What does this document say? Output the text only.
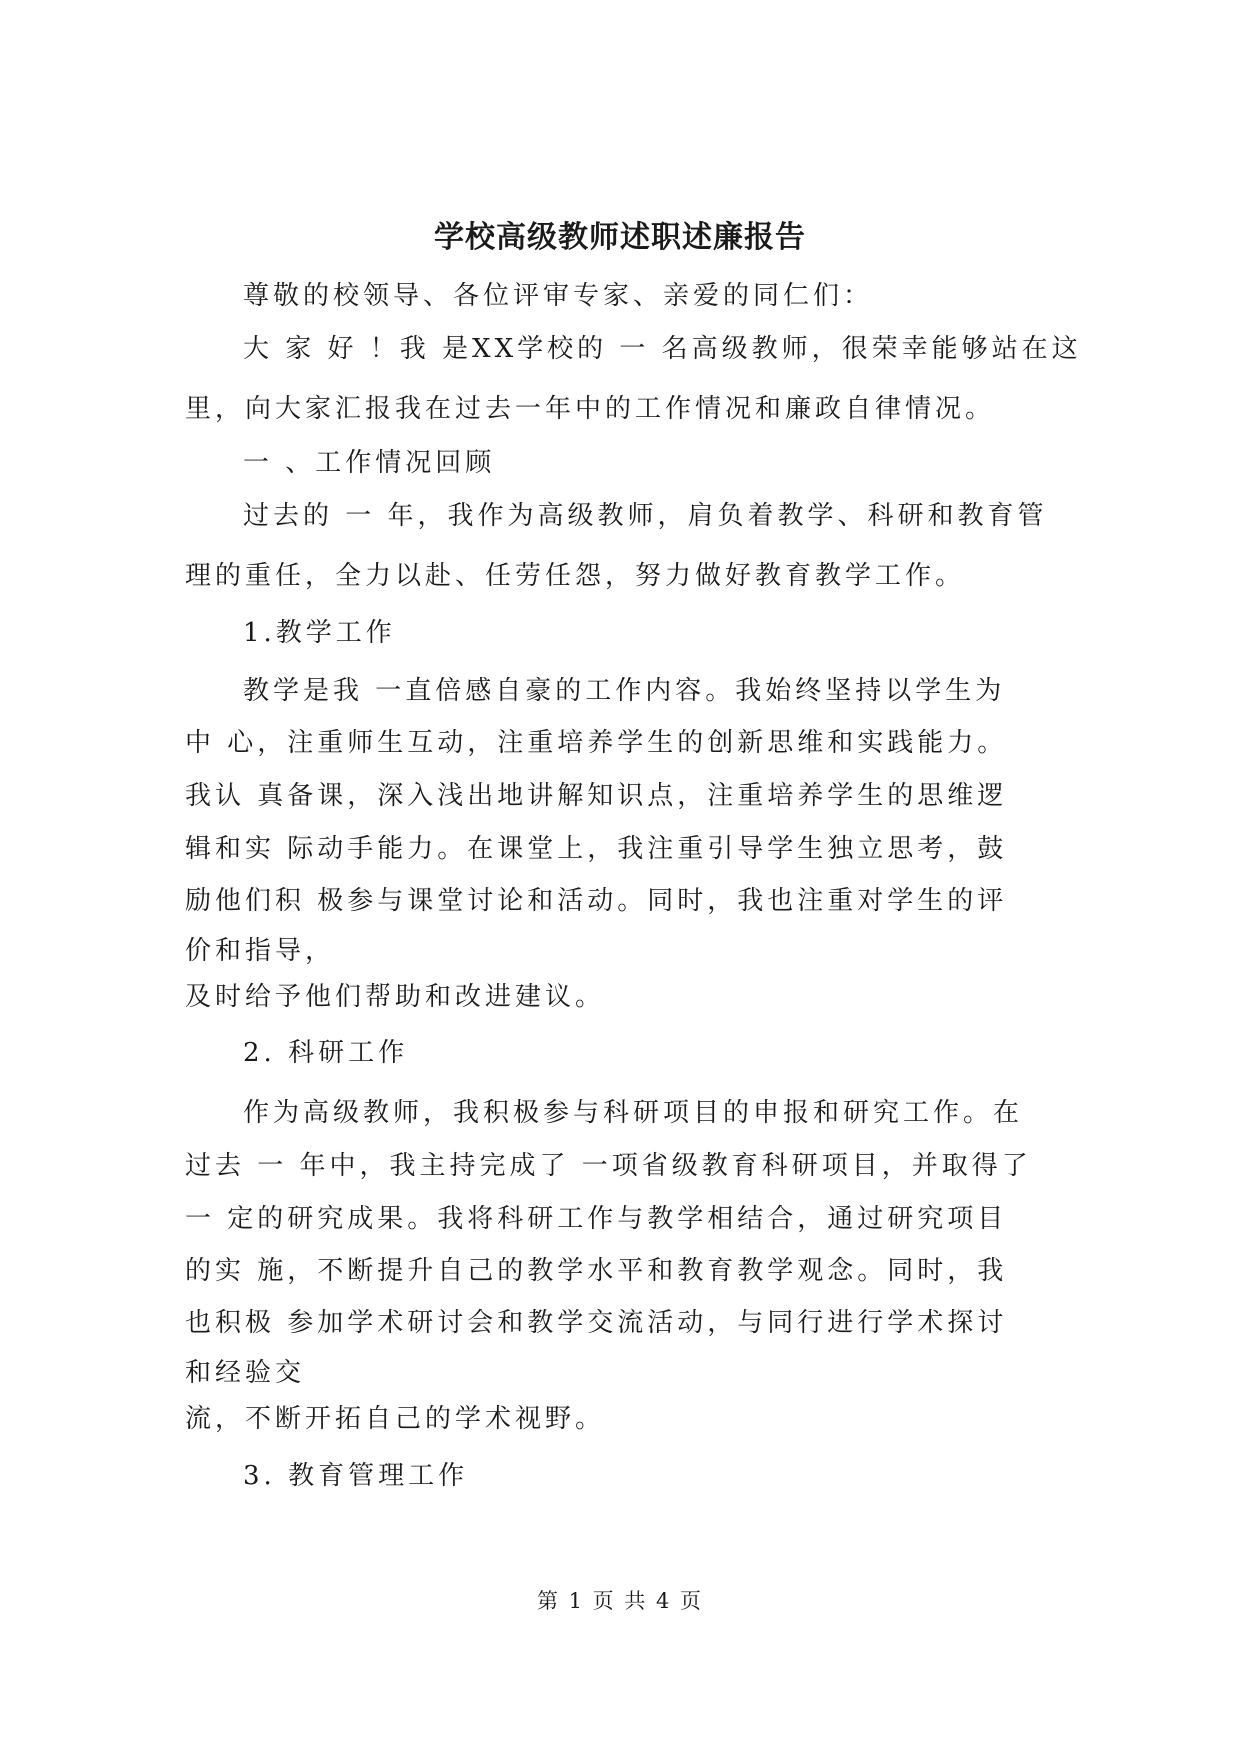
学校高级教师述职述廉报告
尊敬的校领导、各位评审专家、亲爱的同仁们：
大 家 好 ！我 是XX学校的 一 名高级教师，很荣幸能够站在这
里，向大家汇报我在过去一年中的工作情况和廉政自律情况。
一 、工作情况回顾
过去的 一 年，我作为高级教师，肩负着教学、科研和教育管
理的重任，全力以赴、任劳任怨，努力做好教育教学工作。
1.教学工作
教学是我 一直倍感自豪的工作内容。我始终坚持以学生为
中 心，注重师生互动，注重培养学生的创新思维和实践能力。
我认 真备课，深入浅出地讲解知识点，注重培养学生的思维逻
辑和实 际动手能力。在课堂上，我注重引导学生独立思考，鼓
励他们积 极参与课堂讨论和活动。同时，我也注重对学生的评
价和指导，
及时给予他们帮助和改进建议。
2. 科研工作
作为高级教师，我积极参与科研项目的申报和研究工作。在
过去 一 年中，我主持完成了 一项省级教育科研项目，并取得了
一 定的研究成果。我将科研工作与教学相结合，通过研究项目
的实 施，不断提升自己的教学水平和教育教学观念。同时，我
也积极 参加学术研讨会和教学交流活动，与同行进行学术探讨
和经验交
流，不断开拓自己的学术视野。
3. 教育管理工作
第 1 页 共 4 页
